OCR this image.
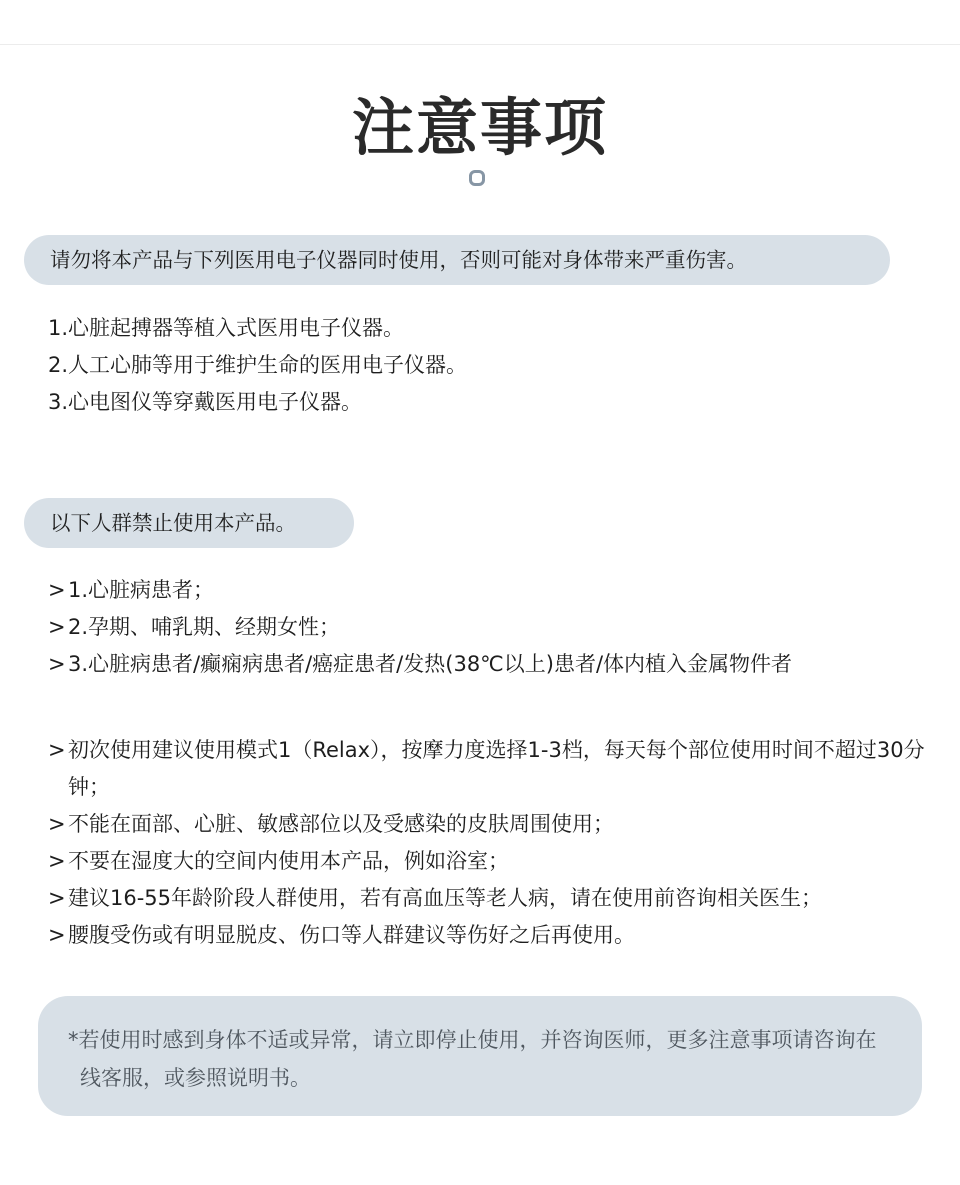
注意事项
请勿将本产品与下列医用电子仪器同时使用，否则可能对身体带来严重伤害。
1.心脏起搏器等植入式医用电子仪器。
2.人工心肺等用于维护生命的医用电子仪器。
3.心电图仪等穿戴医用电子仪器。
以下人群禁止使用本产品。
> 1.心脏病患者；
> 2.孕期、哺乳期、经期女性；
> 3.心脏病患者/癫痫病患者/癌症患者/发热(38℃以上)患者/体内植入金属物件者
> 初次使用建议使用模式1（Relax），按摩力度选择1-3档，每天每个部位使用时间不超过30分钟；
> 不能在面部、心脏、敏感部位以及受感染的皮肤周围使用；
> 不要在湿度大的空间内使用本产品，例如浴室；
> 建议16-55年龄阶段人群使用，若有高血压等老人病，请在使用前咨询相关医生；
> 腰腹受伤或有明显脱皮、伤口等人群建议等伤好之后再使用。
*若使用时感到身体不适或异常，请立即停止使用，并咨询医师，更多注意事项请咨询在线客服，或参照说明书。
